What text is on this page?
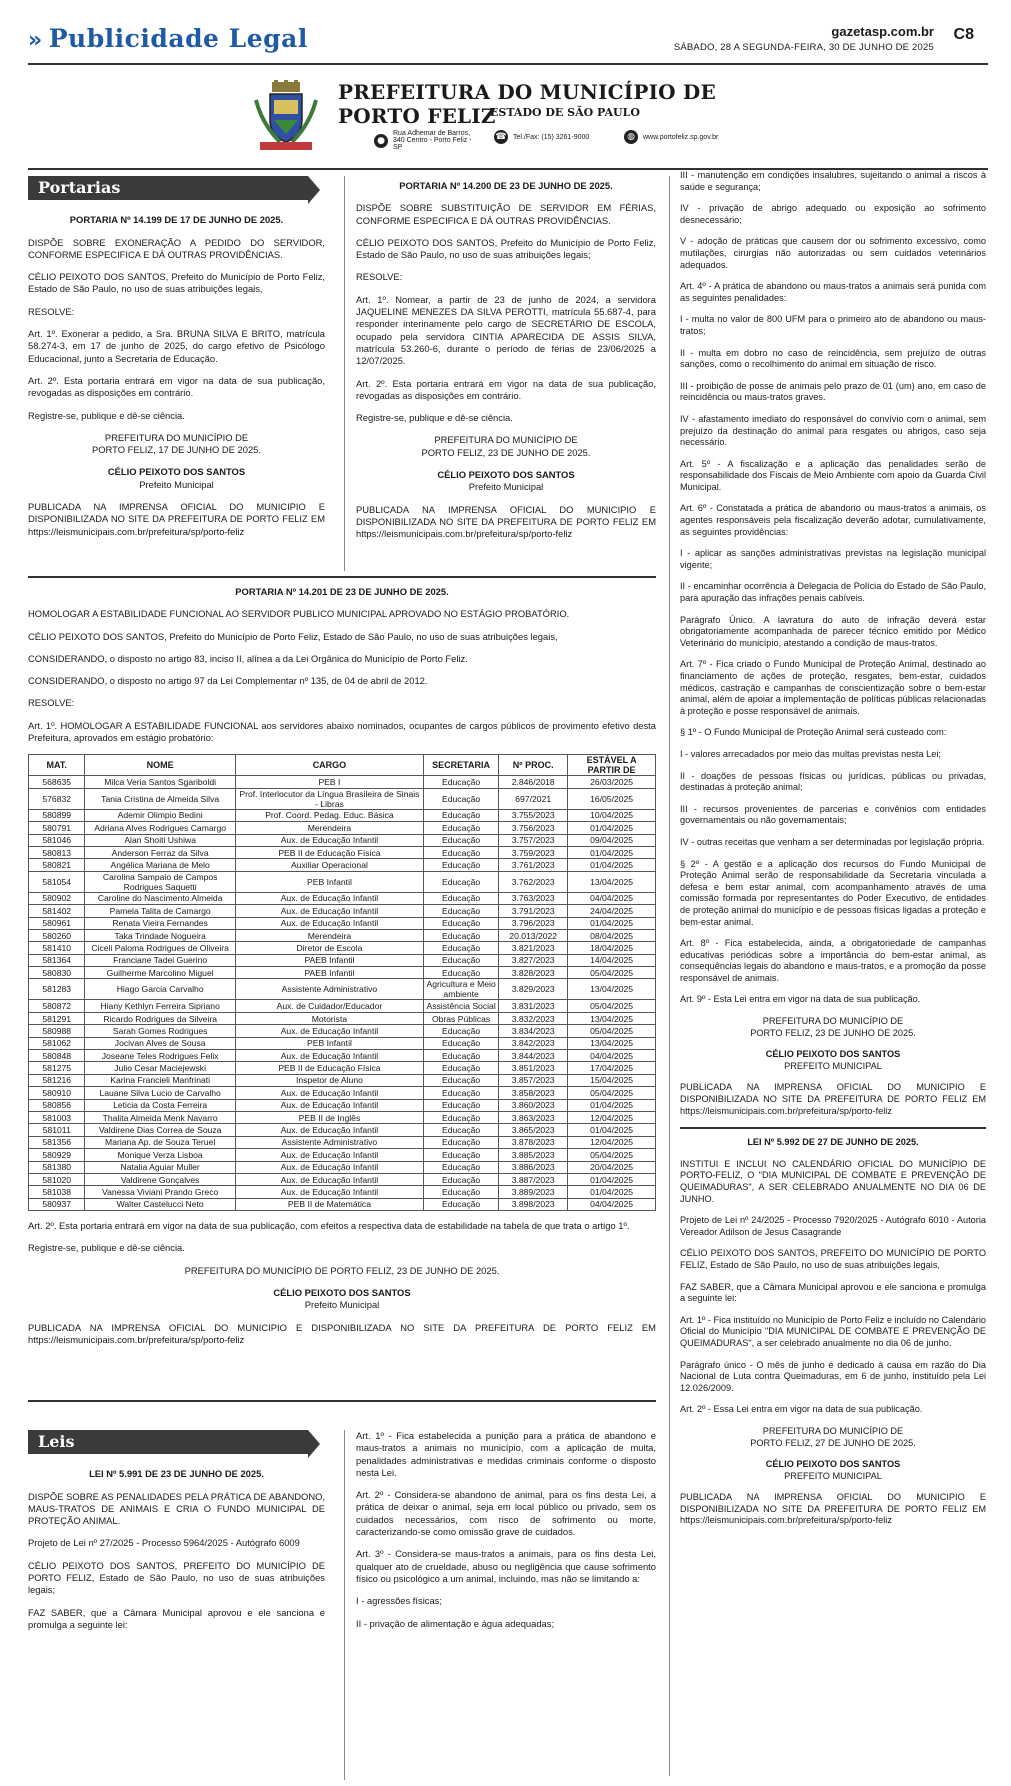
» Publicidade Legal	gazetasp.com.br
SÁBADO, 28 A SEGUNDA-FEIRA, 30 DE JUNHO DE 2025
C8
PREFEITURA DO MUNICÍPIO DE PORTO FELIZ
ESTADO DE SÃO PAULO
●
Rua Adhemar de Barros, 340 Centro - Porto Feliz - SP
☎ Tel./Fax: (15) 3261-9000	◍	www.portofeliz.sp.gov.br
Portarias

PORTARIA Nº 14.199 DE 17 DE JUNHO DE 2025.

DISPÕE SOBRE EXONERAÇÃO A PEDIDO DO SERVIDOR, CONFORME ESPECIFICA E DÁ OUTRAS PROVIDÊNCIAS.

CÉLIO PEIXOTO DOS SANTOS, Prefeito do Município de Porto Feliz, Estado de São Paulo, no uso de suas atribuições legais,

RESOLVE:

Art. 1º. Exonerar a pedido, a Sra. BRUNA SILVA E BRITO, matrícula 58.274-3, em 17 de junho de 2025, do cargo efetivo de Psicólogo Educacional, junto a Secretaria de Educação.

Art. 2º. Esta portaria entrará em vigor na data de sua publicação, revogadas as disposições em contrário.

Registre-se, publique e dê-se ciência.

PREFEITURA DO MUNICÍPIO DE

PORTO FELIZ, 17 DE JUNHO DE 2025.

CÉLIO PEIXOTO DOS SANTOS

Prefeito Municipal

PUBLICADA NA IMPRENSA OFICIAL DO MUNICIPIO E DISPONIBILIZADA NO SITE DA PREFEITURA DE PORTO FELIZ EM https://leismunicipais.com.br/prefeitura/sp/porto-feliz

PORTARIA Nº 14.200 DE 23 DE JUNHO DE 2025.

DISPÕE SOBRE SUBSTITUIÇÃO DE SERVIDOR EM FÉRIAS, CONFORME ESPECIFICA E DÁ OUTRAS PROVIDÊNCIAS.

CÉLIO PEIXOTO DOS SANTOS, Prefeito do Município de Porto Feliz, Estado de São Paulo, no uso de suas atribuições legais;

RESOLVE:

Art. 1º. Nomear, a partir de 23 de junho de 2024, a servidora JAQUELINE MENEZES DA SILVA PEROTTI, matrícula 55.687-4, para responder interinamente pelo cargo de SECRETÁRIO DE ESCOLA, ocupado pela servidora CINTIA APARECIDA DE ASSIS SILVA, matrícula 53.260-6, durante o período de férias de 23/06/2025 a 12/07/2025.

Art. 2º. Esta portaria entrará em vigor na data de sua publicação, revogadas as disposições em contrário.

Registre-se, publique e dê-se ciência.

PREFEITURA DO MUNICÍPIO DE

PORTO FELIZ, 23 DE JUNHO DE 2025.

CÉLIO PEIXOTO DOS SANTOS

Prefeito Municipal

PUBLICADA NA IMPRENSA OFICIAL DO MUNICIPIO E DISPONIBILIZADA NO SITE DA PREFEITURA DE PORTO FELIZ EM https://leismunicipais.com.br/prefeitura/sp/porto-feliz

PORTARIA Nº 14.201 DE 23 DE JUNHO DE 2025.

HOMOLOGAR A ESTABILIDADE FUNCIONAL AO SERVIDOR PUBLICO MUNICIPAL APROVADO NO ESTÁGIO PROBATÓRIO.

CÉLIO PEIXOTO DOS SANTOS, Prefeito do Município de Porto Feliz, Estado de São Paulo, no uso de suas atribuições legais,

CONSIDERANDO, o disposto no artigo 83, inciso II, alínea a da Lei Orgânica do Município de Porto Feliz.

CONSIDERANDO, o disposto no artigo 97 da Lei Complementar nº 135, de 04 de abril de 2012.

RESOLVE:

Art. 1º. HOMOLOGAR A ESTABILIDADE FUNCIONAL aos servidores abaixo nominados, ocupantes de cargos públicos de provimento efetivo desta Prefeitura, aprovados em estágio probatório:

MAT.	NOME	CARGO	SECRETARIA	Nº PROC.	ESTÁVEL A PARTIR DE
568635	Milca Veria Santos Sgariboldi	PEB I	Educação	2.846/2018	26/03/2025
576832	Tania Cristina de Almeida Silva	Prof. Interlocutor da Língua Brasileira de Sinais - Libras	Educação	697/2021	16/05/2025
580899	Ademir Olimpio Bedini	Prof. Coord. Pedag. Educ. Básica	Educação	3.755/2023	10/04/2025
580791	Adriana Alves Rodrigues Camargo	Merendeira	Educação	3.756/2023	01/04/2025
581046	Alan Shoiti Ushiwa	Aux. de Educação Infantil	Educação	3.757/2023	09/04/2025
580813	Anderson Ferraz da Silva	PEB II de Educação Física	Educação	3.759/2023	01/04/2025
580821	Angélica Mariana de Melo	Auxiliar Operacional	Educação	3.761/2023	01/04/2025
581054	Carolina Sampaio de Campos Rodrigues Saquetti	PEB Infantil	Educação	3.762/2023	13/04/2025
580902	Caroline do Nascimento Almeida	Aux. de Educação Infantil	Educação	3.763/2023	04/04/2025
581402	Pamela Talita de Camargo	Aux. de Educação Infantil	Educação	3.791/2023	24/04/2025
580961	Renata Vieira Fernandes	Aux. de Educação Infantil	Educação	3.796/2023	01/04/2025
580260	Taka Trindade Nogueira	Merendeira	Educação	20.013/2022	08/04/2025
581410	Ciceli Paloma Rodrigues de Oliveira	Diretor de Escola	Educação	3.821/2023	18/04/2025
581364	Franciane Tadei Guerino	PAEB Infantil	Educação	3.827/2023	14/04/2025
580830	Guilherme Marcolino Miguel	PAEB Infantil	Educação	3.828/2023	05/04/2025
581283	Hiago Garcia Carvalho	Assistente Administrativo	Agricultura e Meio ambiente	3.829/2023	13/04/2025
580872	Hiany Kethlyn Ferreira Sipriano	Aux. de Cuidador/Educador	Assistência Social	3.831/2023	05/04/2025
581291	Ricardo Rodrigues da Silveira	Motorista	Obras Públicas	3.832/2023	13/04/2025
580988	Sarah Gomes Rodrigues	Aux. de Educação Infantil	Educação	3.834/2023	05/04/2025
581062	Jocivan Alves de Sousa	PEB Infantil	Educação	3.842/2023	13/04/2025
580848	Joseane Teles Rodrigues Felix	Aux. de Educação Infantil	Educação	3.844/2023	04/04/2025
581275	Julio Cesar Maciejewski	PEB II de Educação Física	Educação	3.851/2023	17/04/2025
581216	Karina Francieli Manfrinati	Inspetor de Aluno	Educação	3.857/2023	15/04/2025
580910	Lauane Silva Lucio de Carvalho	Aux. de Educação Infantil	Educação	3.858/2023	05/04/2025
580856	Leticia da Costa Ferreira	Aux. de Educação Infantil	Educação	3.860/2023	01/04/2025
581003	Thalita Almeida Menk Navarro	PEB II de Inglês	Educação	3.863/2023	12/04/2025
581011	Valdirene Dias Correa de Souza	Aux. de Educação Infantil	Educação	3.865/2023	01/04/2025
581356	Mariana Ap. de Souza Teruel	Assistente Administrativo	Educação	3.878/2023	12/04/2025
580929	Monique Verza Lisboa	Aux. de Educação Infantil	Educação	3.885/2023	05/04/2025
581380	Natalia Aguiar Muller	Aux. de Educação Infantil	Educação	3.886/2023	20/04/2025
581020	Valdirene Gonçalves	Aux. de Educação Infantil	Educação	3.887/2023	01/04/2025
581038	Vanessa Viviani Prando Greco	Aux. de Educação Infantil	Educação	3.889/2023	01/04/2025
580937	Walter Castelucci Neto	PEB II de Matemática	Educação	3.898/2023	04/04/2025

Art. 2º. Esta portaria entrará em vigor na data de sua publicação, com efeitos a respectiva data de estabilidade na tabela de que trata o artigo 1º.

Registre-se, publique e dê-se ciência.

PREFEITURA DO MUNICÍPIO DE PORTO FELIZ, 23 DE JUNHO DE 2025.

CÉLIO PEIXOTO DOS SANTOS

Prefeito Municipal

PUBLICADA NA IMPRENSA OFICIAL DO MUNICIPIO E DISPONIBILIZADA NO SITE DA PREFEITURA DE PORTO FELIZ EM https://leismunicipais.com.br/prefeitura/sp/porto-feliz

Leis

LEI Nº 5.991 DE 23 DE JUNHO DE 2025.

DISPÕE SOBRE AS PENALIDADES PELA PRÁTICA DE ABANDONO, MAUS-TRATOS DE ANIMAIS E CRIA O FUNDO MUNICIPAL DE PROTEÇÃO ANIMAL.

Projeto de Lei nº 27/2025 - Processo 5964/2025 - Autógrafo 6009

CÉLIO PEIXOTO DOS SANTOS, PREFEITO DO MUNICÍPIO DE PORTO FELIZ, Estado de São Paulo, no uso de suas atribuições legais;

FAZ SABER, que a Câmara Municipal aprovou e ele sanciona e promulga a seguinte lei:

Art. 1º - Fica estabelecida a punição para a prática de abandono e maus-tratos a animais no município, com a aplicação de multa, penalidades administrativas e medidas criminais conforme o disposto nesta Lei.

Art. 2º - Considera-se abandono de animal, para os fins desta Lei, a prática de deixar o animal, seja em local público ou privado, sem os cuidados necessários, com risco de sofrimento ou morte, caracterizando-se como omissão grave de cuidados.

Art. 3º - Considera-se maus-tratos a animais, para os fins desta Lei, qualquer ato de crueldade, abuso ou negligência que cause sofrimento físico ou psicológico a um animal, incluindo, mas não se limitando a:

I - agressões físicas;

II - privação de alimentação e água adequadas;

III - manutenção em condições insalubres, sujeitando o animal a riscos à saúde e segurança;

IV - privação de abrigo adequado ou exposição ao sofrimento desnecessário;

V - adoção de práticas que causem dor ou sofrimento excessivo, como mutilações, cirurgias não autorizadas ou sem cuidados veterinários adequados.

Art. 4º - A prática de abandono ou maus-tratos a animais será punida com as seguintes penalidades:

I - multa no valor de 800 UFM para o primeiro ato de abandono ou maus-tratos;

II - multa em dobro no caso de reincidência, sem prejuízo de outras sanções, como o recolhimento do animal em situação de risco.

III - proibição de posse de animais pelo prazo de 01 (um) ano, em caso de reincidência ou maus-tratos graves.

IV - afastamento imediato do responsável do convívio com o animal, sem prejuízo da destinação do animal para resgates ou abrigos, caso seja necessário.

Art. 5º - A fiscalização e a aplicação das penalidades serão de responsabilidade dos Fiscais de Meio Ambiente com apoio da Guarda Civil Municipal.

Art. 6º - Constatada a prática de abandono ou maus-tratos a animais, os agentes responsáveis pela fiscalização deverão adotar, cumulativamente, as seguintes providências:

I - aplicar as sanções administrativas previstas na legislação municipal vigente;

II - encaminhar ocorrência à Delegacia de Polícia do Estado de São Paulo, para apuração das infrações penais cabíveis.

Parágrafo Único. A lavratura do auto de infração deverá estar obrigatoriamente acompanhada de parecer técnico emitido por Médico Veterinário do município, atestando a condição de maus-tratos.

Art. 7º - Fica criado o Fundo Municipal de Proteção Animal, destinado ao financiamento de ações de proteção, resgates, bem-estar, cuidados médicos, castração e campanhas de conscientização sobre o bem-estar animal, além de apoiar a implementação de políticas públicas relacionadas à proteção e posse responsável de animais.

§ 1º - O Fundo Municipal de Proteção Animal será custeado com:

I - valores arrecadados por meio das multas previstas nesta Lei;

II - doações de pessoas físicas ou jurídicas, públicas ou privadas, destinadas à proteção animal;

III - recursos provenientes de parcerias e convênios com entidades governamentais ou não governamentais;

IV - outras receitas que venham a ser determinadas por legislação própria.

§ 2º - A gestão e a aplicação dos recursos do Fundo Municipal de Proteção Animal serão de responsabilidade da Secretaria vinculada a defesa e bem estar animal, com acompanhamento através de uma comissão formada por representantes do Poder Executivo, de entidades de proteção animal do município e de pessoas físicas ligadas a proteção e bem-estar animal.

Art. 8º - Fica estabelecida, ainda, a obrigatoriedade de campanhas educativas periódicas sobre a importância do bem-estar animal, as consequências legais do abandono e maus-tratos, e a promoção da posse responsável de animais.

Art. 9º - Esta Lei entra em vigor na data de sua publicação.

PREFEITURA DO MUNICÍPIO DE

PORTO FELIZ, 23 DE JUNHO DE 2025.

CÉLIO PEIXOTO DOS SANTOS

PREFEITO MUNICIPAL

PUBLICADA NA IMPRENSA OFICIAL DO MUNICIPIO E DISPONIBILIZADA NO SITE DA PREFEITURA DE PORTO FELIZ EM https://leismunicipais.com.br/prefeitura/sp/porto-feliz

LEI Nº 5.992 DE 27 DE JUNHO DE 2025.

INSTITUI E INCLUI NO CALENDÁRIO OFICIAL DO MUNICÍPIO DE PORTO-FELIZ, O "DIA MUNICIPAL DE COMBATE E PREVENÇÃO DE QUEIMADURAS", A SER CELEBRADO ANUALMENTE NO DIA 06 DE JUNHO.

Projeto de Lei nº 24/2025 - Processo 7920/2025 - Autógrafo 6010 - Autoria Vereador Adilson de Jesus Casagrande

CÉLIO PEIXOTO DOS SANTOS, PREFEITO DO MUNICÍPIO DE PORTO FELIZ, Estado de São Paulo, no uso de suas atribuições legais,

FAZ SABER, que a Câmara Municipal aprovou e ele sanciona e promulga a seguinte lei:

Art. 1º - Fica instituído no Município de Porto Feliz e incluído no Calendário Oficial do Município "DIA MUNICIPAL DE COMBATE E PREVENÇÃO DE QUEIMADURAS", a ser celebrado anualmente no dia 06 de junho.

Parágrafo único - O mês de junho é dedicado à causa em razão do Dia Nacional de Luta contra Queimaduras, em 6 de junho, instituído pela Lei 12.026/2009.

Art. 2º - Essa Lei entra em vigor na data de sua publicação.

PREFEITURA DO MUNICÍPIO DE

PORTO FELIZ, 27 DE JUNHO DE 2025.

CÉLIO PEIXOTO DOS SANTOS

PREFEITO MUNICIPAL

PUBLICADA NA IMPRENSA OFICIAL DO MUNICIPIO E DISPONIBILIZADA NO SITE DA PREFEITURA DE PORTO FELIZ EM https://leismunicipais.com.br/prefeitura/sp/porto-feliz
